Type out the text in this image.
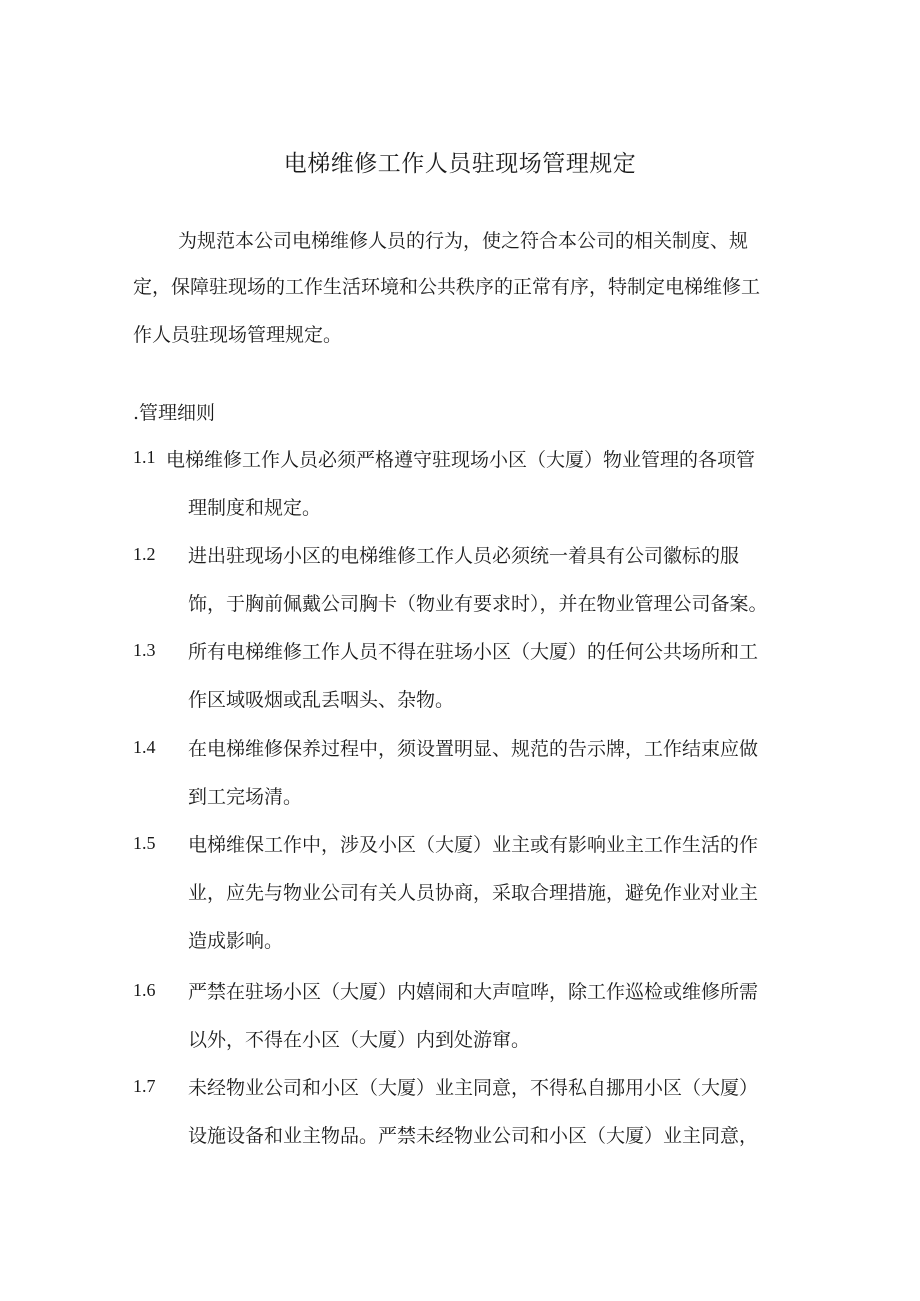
电梯维修工作人员驻现场管理规定

为规范本公司电梯维修人员的行为，使之符合本公司的相关制度、规

定，保障驻现场的工作生活环境和公共秩序的正常有序，特制定电梯维修工

作人员驻现场管理规定。

.管理细则

1.1 电梯维修工作人员必须严格遵守驻现场小区（大厦）物业管理的各项管
理制度和规定。
1.2 进出驻现场小区的电梯维修工作人员必须统一着具有公司徽标的服
饰，于胸前佩戴公司胸卡（物业有要求时），并在物业管理公司备案。
1.3 所有电梯维修工作人员不得在驻场小区（大厦）的任何公共场所和工
作区域吸烟或乱丢咽头、杂物。
1.4 在电梯维修保养过程中，须设置明显、规范的告示牌，工作结束应做
到工完场清。
1.5 电梯维保工作中，涉及小区（大厦）业主或有影响业主工作生活的作
业，应先与物业公司有关人员协商，采取合理措施，避免作业对业主
造成影响。
1.6 严禁在驻场小区（大厦）内嬉闹和大声喧哗，除工作巡检或维修所需
以外，不得在小区（大厦）内到处游窜。
1.7 未经物业公司和小区（大厦）业主同意，不得私自挪用小区（大厦）
设施设备和业主物品。严禁未经物业公司和小区（大厦）业主同意，
